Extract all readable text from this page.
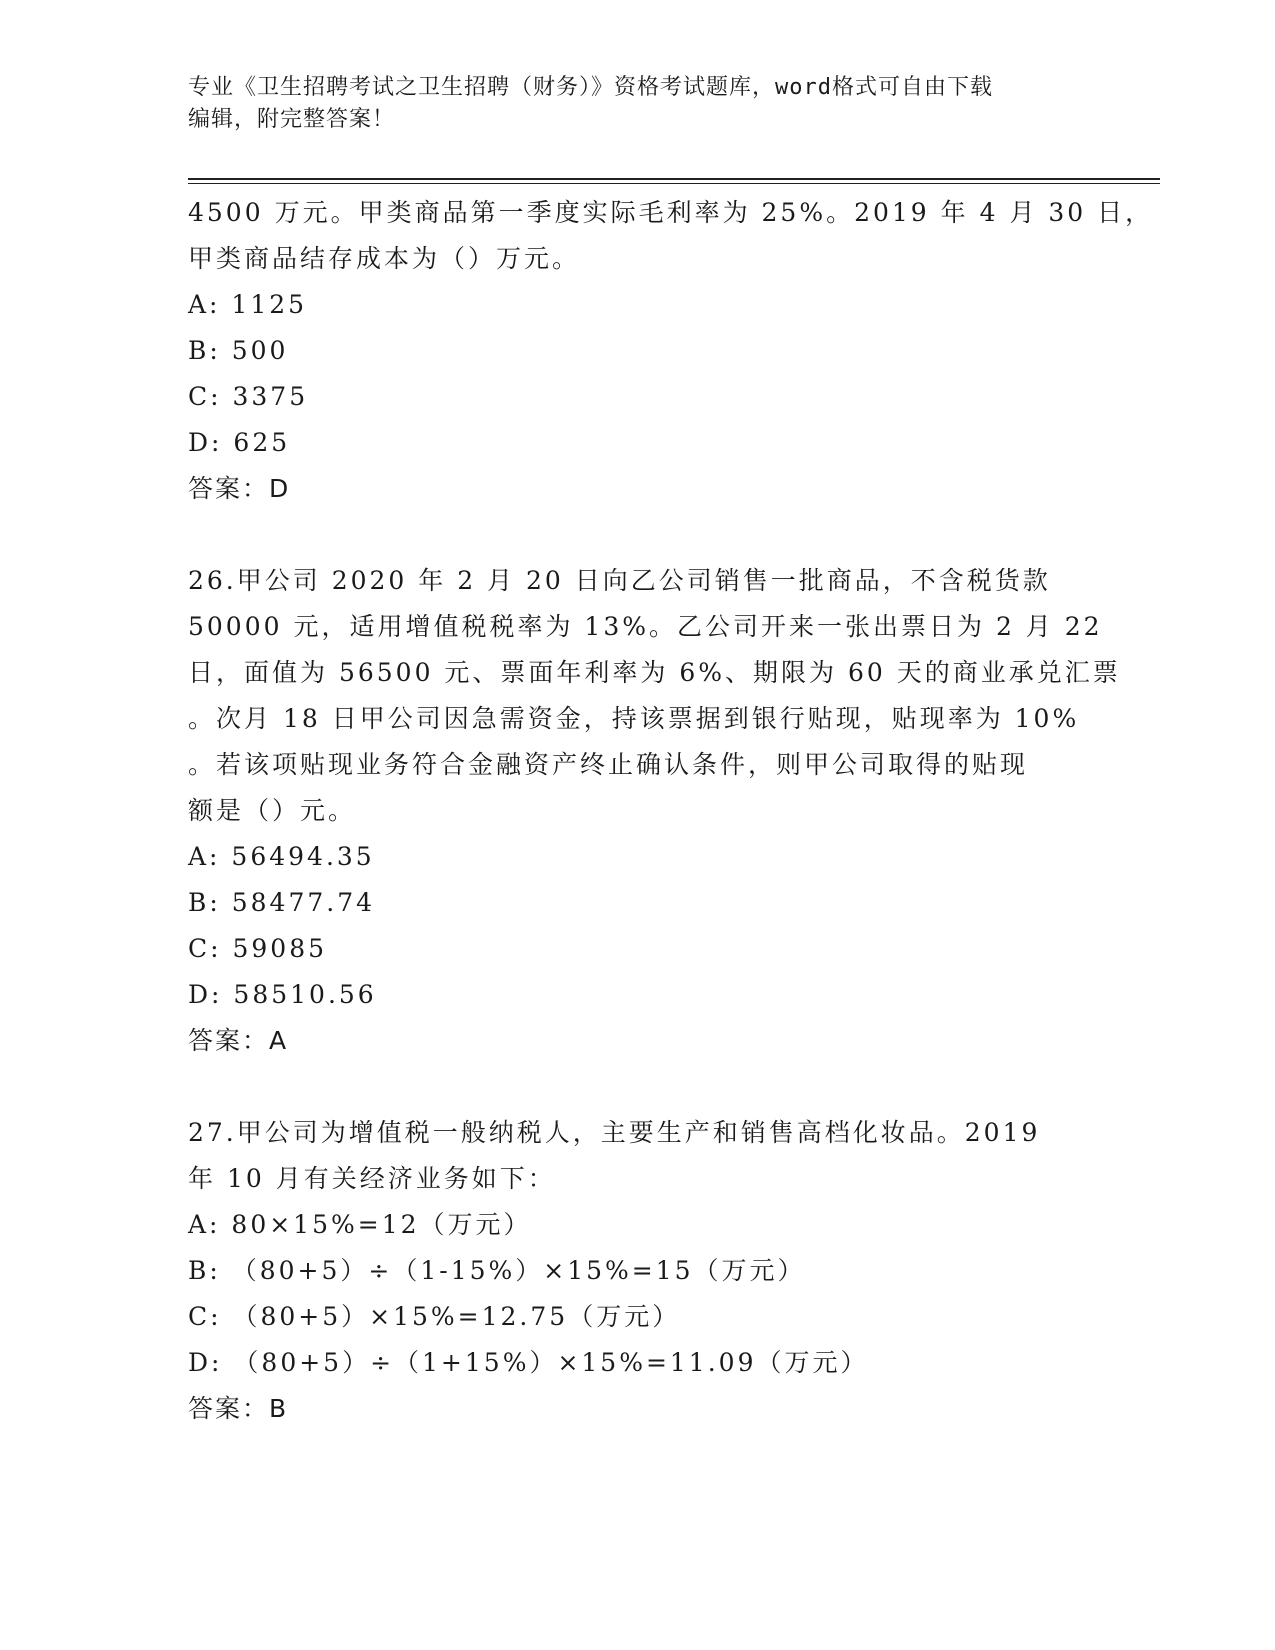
专业《卫生招聘考试之卫生招聘（财务）》资格考试题库，word格式可自由下载
编辑，附完整答案！
4500 万元。甲类商品第一季度实际毛利率为 25%。2019 年 4 月 30 日，
甲类商品结存成本为（）万元。
A: 1125
B: 500
C: 3375
D: 625
答案：D
26.甲公司 2020 年 2 月 20 日向乙公司销售一批商品，不含税货款
50000 元，适用增值税税率为 13%。乙公司开来一张出票日为 2 月 22
日，面值为 56500 元、票面年利率为 6%、期限为 60 天的商业承兑汇票
。次月 18 日甲公司因急需资金，持该票据到银行贴现，贴现率为 10%
。若该项贴现业务符合金融资产终止确认条件，则甲公司取得的贴现
额是（）元。
A: 56494.35
B: 58477.74
C: 59085
D: 58510.56
答案：A
27.甲公司为增值税一般纳税人，主要生产和销售高档化妆品。2019
年 10 月有关经济业务如下：
A: 80×15%=12（万元）
B: （80+5）÷（1-15%）×15%=15（万元）
C: （80+5）×15%=12.75（万元）
D: （80+5）÷（1+15%）×15%=11.09（万元）
答案：B
